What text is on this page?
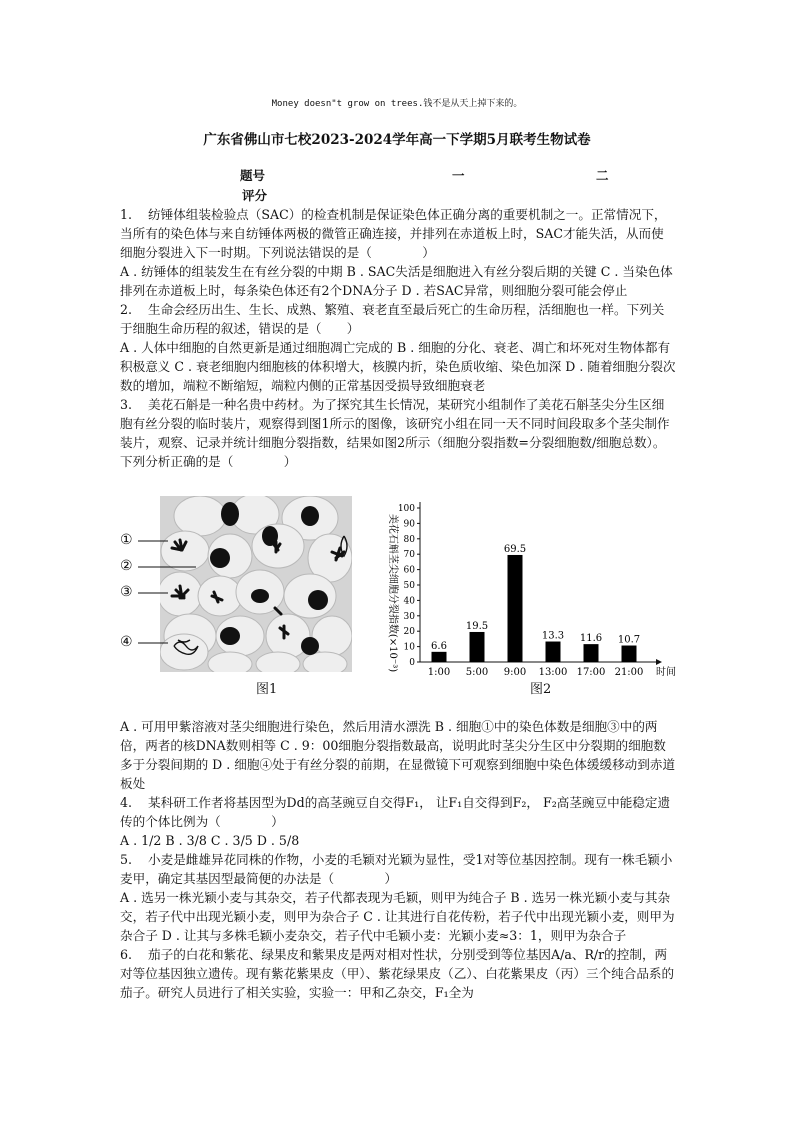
Money doesn"t grow on trees.钱不是从天上掉下来的。
广东省佛山市七校2023-2024学年高一下学期5月联考生物试卷
题号	一	二
评分

1. 纺锤体组装检验点（SAC）的检查机制是保证染色体正确分离的重要机制之一。正常情况下，当所有的染色体与来自纺锤体两极的微管正确连接，并排列在赤道板上时，SAC才能失活，从而使细胞分裂进入下一时期。下列说法错误的是（　　　　）

A . 纺锤体的组装发生在有丝分裂的中期 B . SAC失活是细胞进入有丝分裂后期的关键 C . 当染色体排列在赤道板上时，每条染色体还有2个DNA分子 D . 若SAC异常，则细胞分裂可能会停止

2. 生命会经历出生、生长、成熟、繁殖、衰老直至最后死亡的生命历程，活细胞也一样。下列关于细胞生命历程的叙述，错误的是（　　）

A . 人体中细胞的自然更新是通过细胞凋亡完成的 B . 细胞的分化、衰老、凋亡和坏死对生物体都有积极意义 C . 衰老细胞内细胞核的体积增大，核膜内折，染色质收缩、染色加深 D . 随着细胞分裂次数的增加，端粒不断缩短，端粒内侧的正常基因受损导致细胞衰老

3. 美花石斛是一种名贵中药材。为了探究其生长情况，某研究小组制作了美花石斛茎尖分生区细胞有丝分裂的临时装片，观察得到图1所示的图像，该研究小组在同一天不同时间段取多个茎尖制作装片，观察、记录并统计细胞分裂指数，结果如图2所示（细胞分裂指数=分裂细胞数/细胞总数）。下列分析正确的是（　　　　）

图1
①
②
③
④
图2
0
10
20
30
40
50
60
70
80
90
100
6.6
1:00
19.5
5:00
69.5
9:00
13.3
13:00
11.6
17:00
10.7
21:00 时间
美花石斛茎尖细胞分裂指数(×10⁻³)

A . 可用甲紫溶液对茎尖细胞进行染色，然后用清水漂洗 B . 细胞①中的染色体数是细胞③中的两倍，两者的核DNA数则相等 C . 9：00细胞分裂指数最高，说明此时茎尖分生区中分裂期的细胞数多于分裂间期的 D . 细胞④处于有丝分裂的前期，在显微镜下可观察到细胞中染色体缓缓移动到赤道板处

4. 某科研工作者将基因型为Dd的高茎豌豆自交得F₁， 让F₁自交得到F₂， F₂高茎豌豆中能稳定遗传的个体比例为（　　　　）

A . 1/2 B . 3/8 C . 3/5 D . 5/8

5. 小麦是雌雄异花同株的作物，小麦的毛颖对光颖为显性，受1对等位基因控制。现有一株毛颖小麦甲，确定其基因型最简便的办法是（　　　　）

A . 选另一株光颖小麦与其杂交，若子代都表现为毛颖，则甲为纯合子 B . 选另一株光颖小麦与其杂交，若子代中出现光颖小麦，则甲为杂合子 C . 让其进行自花传粉，若子代中出现光颖小麦，则甲为杂合子 D . 让其与多株毛颖小麦杂交，若子代中毛颖小麦：光颖小麦≈3：1，则甲为杂合子

6. 茄子的白花和紫花、绿果皮和紫果皮是两对相对性状，分别受到等位基因A/a、R/r的控制，两对等位基因独立遗传。现有紫花紫果皮（甲）、紫花绿果皮（乙）、白花紫果皮（丙）三个纯合品系的茄子。研究人员进行了相关实验，实验一：甲和乙杂交，F₁全为
